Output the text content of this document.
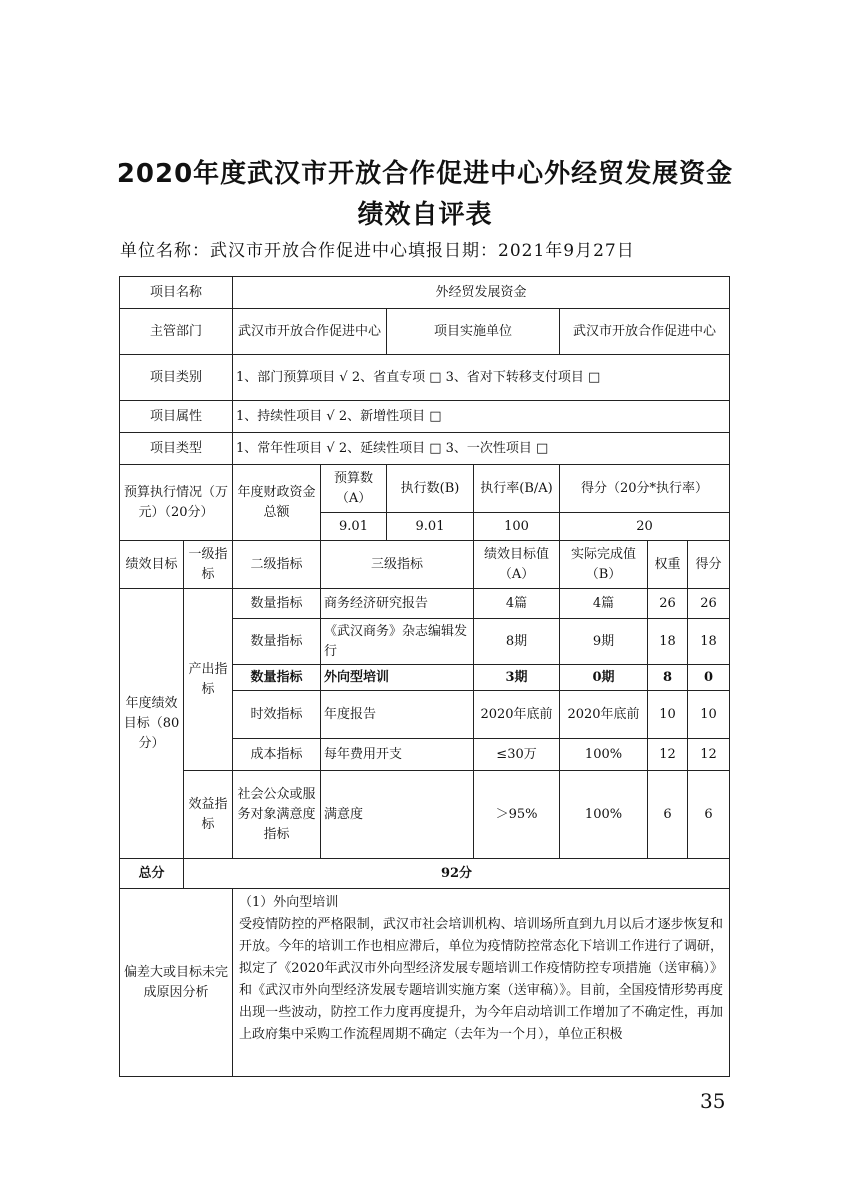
2020年度武汉市开放合作促进中心外经贸发展资金
绩效自评表
单位名称：武汉市开放合作促进中心填报日期：2021年9月27日
项目名称		外经贸发展资金						
主管部门		武汉市开放合作促进中心		项目实施单位		武汉市开放合作促进中心		
项目类别		1、部门预算项目 √ 2、省直专项 □ 3、省对下转移支付项目 □						
项目属性		1、持续性项目 √ 2、新增性项目 □						
项目类型		1、常年性项目 √ 2、延续性项目 □ 3、一次性项目 □						
预算执行情况（万元）（20分）		年度财政资金总额	预算数（A）	执行数(B)	执行率(B/A)	得分（20分*执行率）		
			9.01	9.01	100	20		
绩效目标	一级指标	二级指标	三级指标		绩效目标值（A）	实际完成值（B）	权重	得分
年度绩效目标（80分）	产出指标	数量指标	商务经济研究报告		4篇	4篇	26	26
		数量指标	《武汉商务》杂志编辑发行		8期	9期	18	18
		数量指标	外向型培训		3期	0期	8	0
		时效指标	年度报告		2020年底前	2020年底前	10	10
		成本指标	每年费用开支		≤30万	100%	12	12
	效益指标	社会公众或服务对象满意度指标	满意度		＞95%	100%	6	6
总分	92分							
偏差大或目标未完成原因分析		（1）外向型培训

受疫情防控的严格限制，武汉市社会培训机构、培训场所直到九月以后才逐步恢复和开放。今年的培训工作也相应滞后，单位为疫情防控常态化下培训工作进行了调研，拟定了《2020年武汉市外向型经济发展专题培训工作疫情防控专项措施（送审稿）》和《武汉市外向型经济发展专题培训实施方案（送审稿）》。目前，全国疫情形势再度出现一些波动，防控工作力度再度提升，为今年启动培训工作增加了不确定性，再加上政府集中采购工作流程周期不确定（去年为一个月），单位正积极						

35
